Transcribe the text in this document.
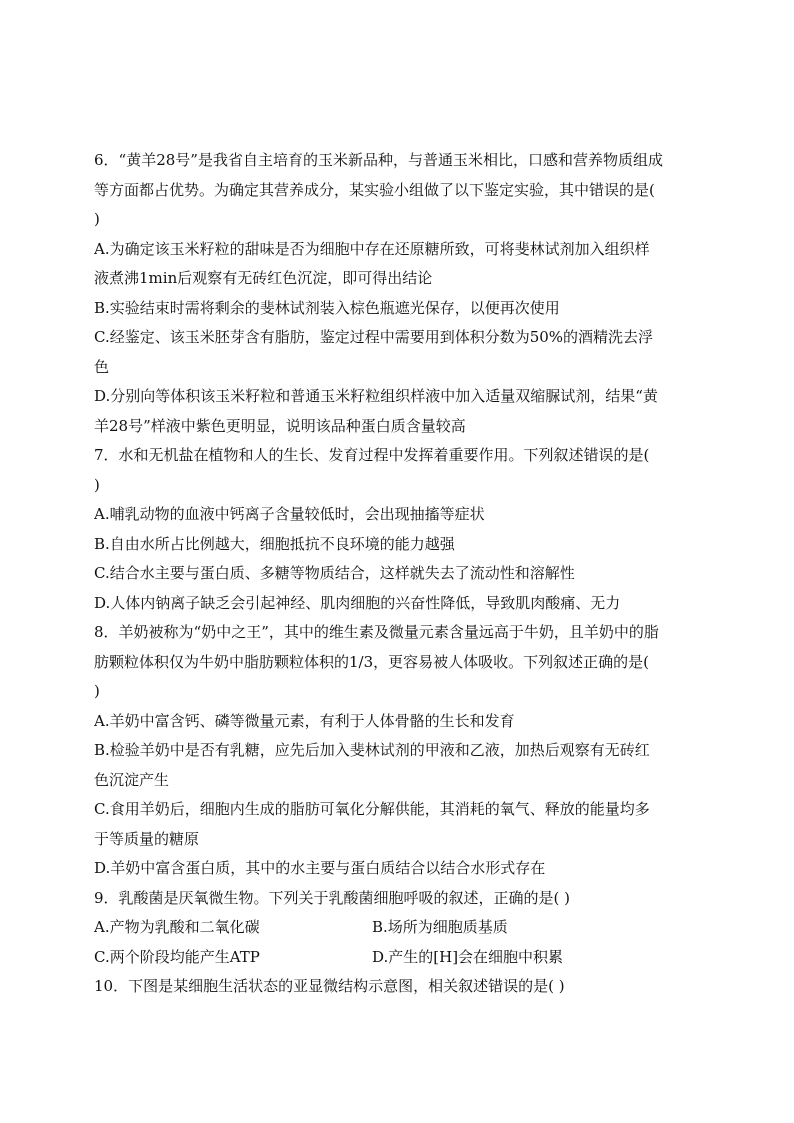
6．“黄羊28号”是我省自主培育的玉米新品种，与普通玉米相比，口感和营养物质组成
等方面都占优势。为确定其营养成分，某实验小组做了以下鉴定实验，其中错误的是(
)
A.为确定该玉米籽粒的甜味是否为细胞中存在还原糖所致，可将斐林试剂加入组织样
液煮沸1min后观察有无砖红色沉淀，即可得出结论
B.实验结束时需将剩余的斐林试剂装入棕色瓶遮光保存，以便再次使用
C.经鉴定、该玉米胚芽含有脂肪，鉴定过程中需要用到体积分数为50%的酒精洗去浮
色
D.分别向等体积该玉米籽粒和普通玉米籽粒组织样液中加入适量双缩脲试剂，结果“黄
羊28号”样液中紫色更明显，说明该品种蛋白质含量较高
7．水和无机盐在植物和人的生长、发育过程中发挥着重要作用。下列叙述错误的是(
)
A.哺乳动物的血液中钙离子含量较低时，会出现抽搐等症状
B.自由水所占比例越大，细胞抵抗不良环境的能力越强
C.结合水主要与蛋白质、多糖等物质结合，这样就失去了流动性和溶解性
D.人体内钠离子缺乏会引起神经、肌肉细胞的兴奋性降低，导致肌肉酸痛、无力
8．羊奶被称为“奶中之王”，其中的维生素及微量元素含量远高于牛奶，且羊奶中的脂
肪颗粒体积仅为牛奶中脂肪颗粒体积的1/3，更容易被人体吸收。下列叙述正确的是(
)
A.羊奶中富含钙、磷等微量元素，有利于人体骨骼的生长和发育
B.检验羊奶中是否有乳糖，应先后加入斐林试剂的甲液和乙液，加热后观察有无砖红
色沉淀产生
C.食用羊奶后，细胞内生成的脂肪可氧化分解供能，其消耗的氧气、释放的能量均多
于等质量的糖原
D.羊奶中富含蛋白质，其中的水主要与蛋白质结合以结合水形式存在
9．乳酸菌是厌氧微生物。下列关于乳酸菌细胞呼吸的叙述，正确的是( )
A.产物为乳酸和二氧化碳	B.场所为细胞质基质
C.两个阶段均能产生ATP	D.产生的[H]会在细胞中积累
10．下图是某细胞生活状态的亚显微结构示意图，相关叙述错误的是( )
